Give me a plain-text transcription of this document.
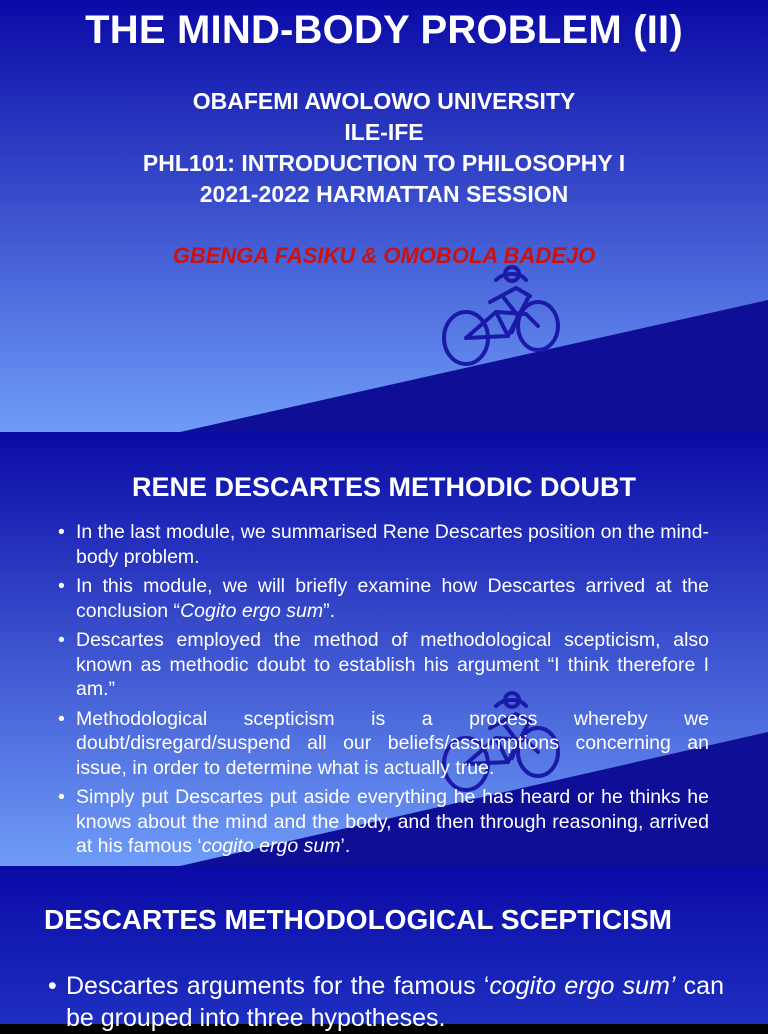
THE MIND-BODY PROBLEM (II)
OBAFEMI AWOLOWO UNIVERSITY
ILE-IFE
PHL101: INTRODUCTION TO PHILOSOPHY I
2021-2022 HARMATTAN SESSION
GBENGA FASIKU & OMOBOLA BADEJO
RENE DESCARTES METHODIC DOUBT
• In the last module, we summarised Rene Descartes position on the mind-body problem.
• In this module, we will briefly examine how Descartes arrived at the conclusion “Cogito ergo sum”.
• Descartes employed the method of methodological scepticism, also known as methodic doubt to establish his argument “I think therefore I am.”
• Methodological scepticism is a process whereby we doubt/disregard/suspend all our beliefs/assumptions concerning an issue, in order to determine what is actually true.
• Simply put Descartes put aside everything he has heard or he thinks he knows about the mind and the body, and then through reasoning, arrived at his famous ‘cogito ergo sum’.
DESCARTES METHODOLOGICAL SCEPTICISM
• Descartes arguments for the famous ‘cogito ergo sum’ can be grouped into three hypotheses.
